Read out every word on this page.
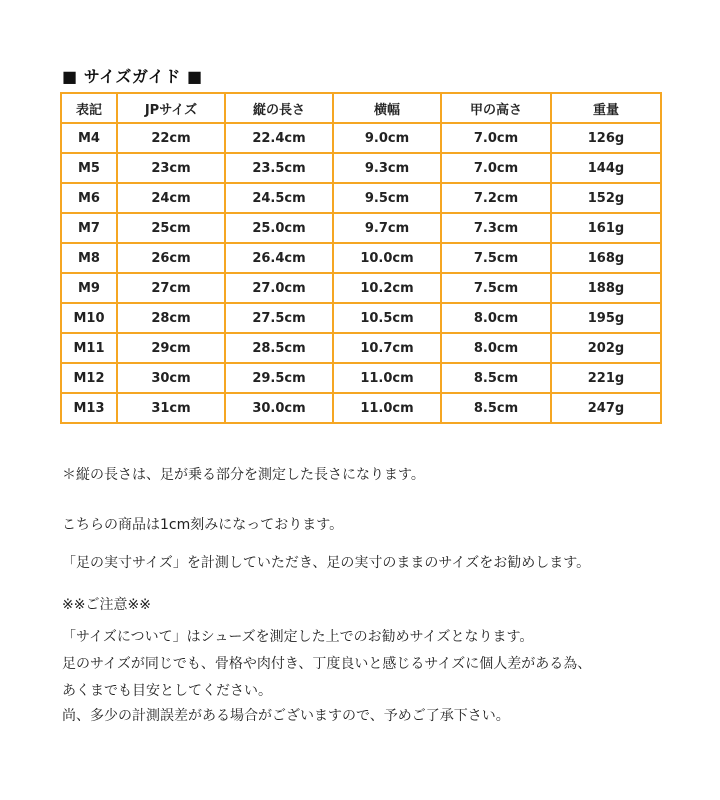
■ サイズガイド ■
表記	JPサイズ	縦の長さ	横幅	甲の高さ	重量
M4	22cm	22.4cm	9.0cm	7.0cm	126g
M5	23cm	23.5cm	9.3cm	7.0cm	144g
M6	24cm	24.5cm	9.5cm	7.2cm	152g
M7	25cm	25.0cm	9.7cm	7.3cm	161g
M8	26cm	26.4cm	10.0cm	7.5cm	168g
M9	27cm	27.0cm	10.2cm	7.5cm	188g
M10	28cm	27.5cm	10.5cm	8.0cm	195g
M11	29cm	28.5cm	10.7cm	8.0cm	202g
M12	30cm	29.5cm	11.0cm	8.5cm	221g
M13	31cm	30.0cm	11.0cm	8.5cm	247g
＊縦の長さは、足が乗る部分を測定した長さになります。
こちらの商品は1cm刻みになっております。
「足の実寸サイズ」を計測していただき、足の実寸のままのサイズをお勧めします。
※※ご注意※※
「サイズについて」はシューズを測定した上でのお勧めサイズとなります。
足のサイズが同じでも、骨格や肉付き、丁度良いと感じるサイズに個人差がある為、
あくまでも目安としてください。
尚、多少の計測誤差がある場合がございますので、予めご了承下さい。
